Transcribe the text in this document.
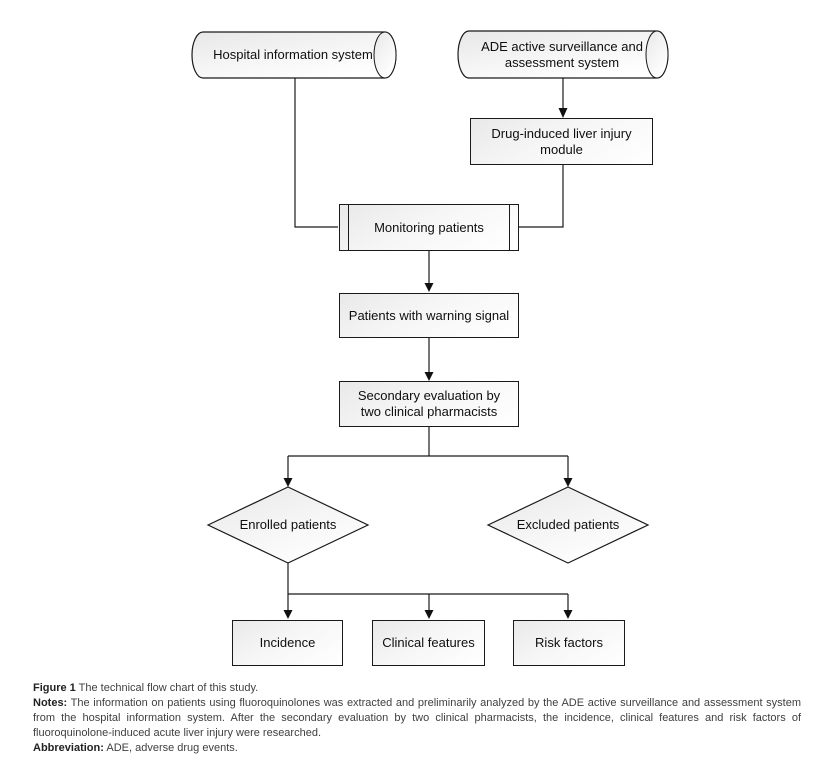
Hospital information system
ADE active surveillance and assessment system
Enrolled patients	Excluded patients
Drug-induced liver injury module
Monitoring patients
Patients with warning signal
Secondary evaluation by two clinical pharmacists
Incidence	Clinical features	Risk factors

Figure 1 The technical flow chart of this study.

Notes: The information on patients using fluoroquinolones was extracted and preliminarily analyzed by the ADE active surveillance and assessment system from the hospital information system. After the secondary evaluation by two clinical pharmacists, the incidence, clinical features and risk factors of fluoroquinolone-induced acute liver injury were researched.

Abbreviation: ADE, adverse drug events.
